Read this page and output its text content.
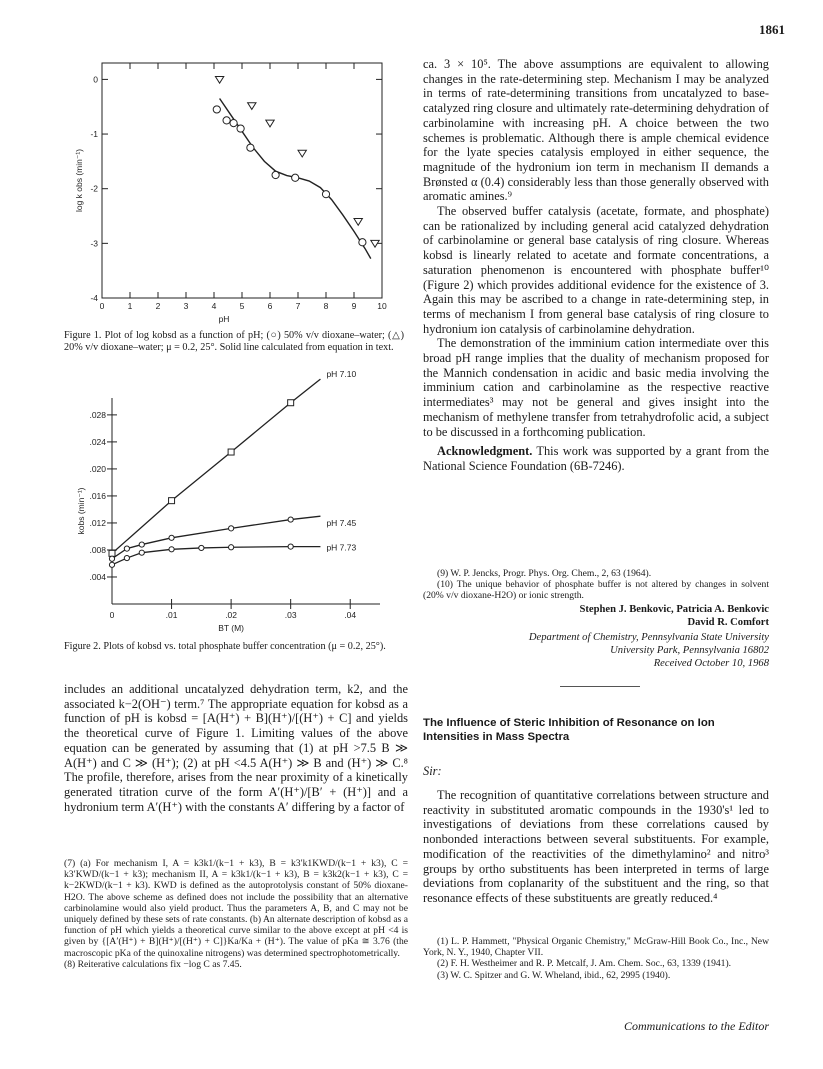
1861
0	1	2	3	4	5	6	7	8	9 10
0
-1
-2
-3
-4
pH
log k obs (min⁻¹)
Figure 1. Plot of log kobsd as a function of pH; (○) 50% v/v dioxane–water; (△) 20% v/v dioxane–water; μ = 0.2, 25°. Solid line calculated from equation in text.
.004
.008
.012
.016
.020
.024
.028
0	.01	.02	.03	.04
BT (M)
kobs (min⁻¹)
pH 7.10
pH 7.45
pH 7.73
Figure 2. Plots of kobsd vs. total phosphate buffer concentration (μ = 0.2, 25°).
includes an additional uncatalyzed dehydration term, k2, and the associated k−2(OH⁻) term.⁷ The appropriate equation for kobsd as a function of pH is kobsd = [A(H⁺) + B](H⁺)/[(H⁺) + C] and yields the theoretical curve of Figure 1. Limiting values of the above equation can be generated by assuming that (1) at pH >7.5 B ≫ A(H⁺) and C ≫ (H⁺); (2) at pH <4.5 A(H⁺) ≫ B and (H⁺) ≫ C.⁸ The profile, therefore, arises from the near proximity of a kinetically generated titration curve of the form A′(H⁺)/[B′ + (H⁺)] and a hydronium term A′(H⁺) with the constants A′ differing by a factor of

(7) (a) For mechanism I, A = k3k1/(k−1 + k3), B = k3′k1KWD/(k−1 + k3), C = k3′KWD/(k−1 + k3); mechanism II, A = k3k1/(k−1 + k3), B = k3k2(k−1 + k3), C = k−2KWD/(k−1 + k3). KWD is defined as the autoprotolysis constant of 50% dioxane-H2O. The above scheme as defined does not include the possibility that an alternative carbinolamine would also yield product. Thus the parameters A, B, and C may not be uniquely defined by these sets of rate constants. (b) An alternate description of kobsd as a function of pH which yields a theoretical curve similar to the above except at pH <4 is given by {[A′(H⁺) + B](H⁺)/[(H⁺) + C]}Ka/Ka + (H⁺). The value of pKa ≅ 3.76 (the macroscopic pKa of the quinoxaline nitrogens) was determined spectrophotometrically.

(8) Reiterative calculations fix −log C as 7.45.

ca. 3 × 10⁵. The above assumptions are equivalent to allowing changes in the rate-determining step. Mechanism I may be analyzed in terms of rate-determining transitions from uncatalyzed to base-catalyzed ring closure and ultimately rate-determining dehydration of carbinolamine with increasing pH. A choice between the two schemes is problematic. Although there is ample chemical evidence for the lyate species catalysis employed in either sequence, the magnitude of the hydronium ion term in mechanism II demands a Brønsted α (0.4) considerably less than those generally observed with aromatic amines.⁹

The observed buffer catalysis (acetate, formate, and phosphate) can be rationalized by including general acid catalyzed dehydration of carbinolamine or general base catalysis of ring closure. Whereas kobsd is linearly related to acetate and formate concentrations, a saturation phenomenon is encountered with phosphate buffer¹⁰ (Figure 2) which provides additional evidence for the existence of 3. Again this may be ascribed to a change in rate-determining step, in terms of mechanism I from general base catalysis of ring closure to hydronium ion catalysis of carbinolamine dehydration.

The demonstration of the imminium cation intermediate over this broad pH range implies that the duality of mechanism proposed for the Mannich condensation in acidic and basic media involving the imminium cation and carbinolamine as the respective reactive intermediates³ may not be general and gives insight into the mechanism of methylene transfer from tetrahydrofolic acid, a subject to be discussed in a forthcoming publication.

Acknowledgment. This work was supported by a grant from the National Science Foundation (6B-7246).

(9) W. P. Jencks, Progr. Phys. Org. Chem., 2, 63 (1964).

(10) The unique behavior of phosphate buffer is not altered by changes in solvent (20% v/v dioxane-H2O) or ionic strength.

Stephen J. Benkovic, Patricia A. Benkovic
David R. Comfort
Department of Chemistry, Pennsylvania State University
University Park, Pennsylvania 16802
Received October 10, 1968
The Influence of Steric Inhibition of Resonance on Ion Intensities in Mass Spectra
Sir:
The recognition of quantitative correlations between structure and reactivity in substituted aromatic compounds in the 1930's¹ led to investigations of deviations from these correlations caused by nonbonded interactions between several substituents. For example, modification of the reactivities of the dimethylamino² and nitro³ groups by ortho substituents has been interpreted in terms of large deviations from coplanarity of the substituent and the ring, so that resonance effects of these substituents are greatly reduced.⁴

(1) L. P. Hammett, "Physical Organic Chemistry," McGraw-Hill Book Co., Inc., New York, N. Y., 1940, Chapter VII.

(2) F. H. Westheimer and R. P. Metcalf, J. Am. Chem. Soc., 63, 1339 (1941).

(3) W. C. Spitzer and G. W. Wheland, ibid., 62, 2995 (1940).

Communications to the Editor
